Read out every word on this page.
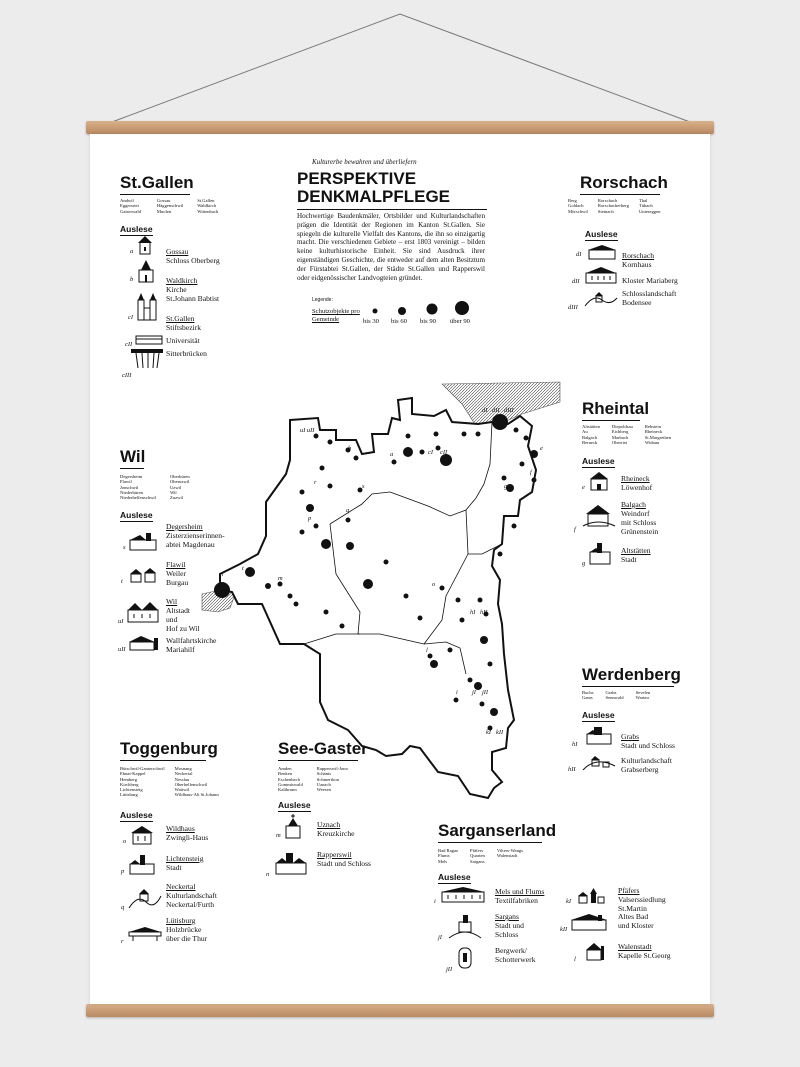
Kulturerbe bewahren und überliefern
PERSPEKTIVE DENKMALPFLEGE
Hochwertige Baudenkmäler, Ortsbilder und Kulturlandschaften prägen die Identität der Regionen im Kanton St.Gallen. Sie spiegeln die kulturelle Vielfalt des Kantons, die ihn so einzigartig macht. Die verschiedenen Gebiete – erst 1803 vereinigt – bilden keine kulturhistorische Einheit. Sie sind Ausdruck ihrer eigenständigen Geschichte, die entweder auf dem alten Besitztum der Fürstabtei St.Gallen, der Städte St.Gallen und Rapperswil oder eidgenössischer Landvogteien gründet.
Legende:
Schutzobjekte pro Gemeinde	bis 30 bis 60 bis 90 über 90
St.Gallen
Andwil
Eggersriet
Gaiserwald
Gossau
Häggenschwil
Muolen
St.Gallen
Waldkirch
Wittenbach
Auslese
a	Gossau
Schloss Oberberg
b	Waldkirch
Kirche
St.Johann Babtist
cI	St.Gallen
Stiftsbezirk
cII	Universität
cIII
Sitterbrücken
Rorschach
Berg
Goldach
Mörschwil
Rorschach
Rorschacherberg
Steinach
Thal
Tübach
Untereggen
Auslese
dI	Rorschach
Kornhaus
dII	Kloster Mariaberg
dIII
Schlosslandschaft
Bodensee
Wil
Degersheim
Flawil
Jonschwil
Niederbüren
Niederhelfenschwil
Oberbüren
Oberuzwil
Uzwil
Wil
Zuzwil
Auslese
s
Degersheim
Zisterzienserinnen-
abtei Magdenau
t
Flawil
Weiler
Burgau
uI
Wil
Altstadt
und
Hof zu Wil
uII
Wallfahrtskirche
Mariahilf
Rheintal
Altstätten
Au
Balgach
Berneck
Diepoldsau
Eichberg
Marbach
Oberriet
Rebstein
Rheineck
St.Margrethen
Widnau
Auslese
e
Rheineck
Löwenhof
f
Balgach
Weindorf
mit Schloss
Grünenstein
g
Altstätten
Stadt
Werdenberg
Buchs
Gams
Grabs
Sennwald
Sevelen
Wartau
Auslese
hI
Grabs
Stadt und Schloss
hII
Kulturlandschaft
Grabserberg
Toggenburg
Bütschwil-Ganterschwil
Ebnat-Kappel
Hemberg
Kirchberg
Lichtensteig
Lütisburg
Mosnang
Neckertal
Nesslau
Oberhelfenschwil
Wattwil
Wildhaus-Alt St.Johann
Auslese
o
Wildhaus
Zwingli-Haus
p
Lichtensteig
Stadt
q
Neckertal
Kulturlandschaft
Neckertal/Furth
r
Lütisburg
Holzbrücke
über die Thur
See-Gaster
Amden
Benken
Eschenbach
Gommiswald
Kaltbrunn
Rapperswil-Jona
Schänis
Schmerikon
Uznach
Weesen
Auslese
m
Uznach
Kreuzkirche
n
Rapperswil
Stadt und Schloss
Sarganserland
Bad Ragaz
Flums
Mels
Pfäfers
Quarten
Sargans
Vilters-Wangs
Walenstadt
Auslese
i
Mels und Flums
Textilfabriken
jI
Sargans
Stadt und
Schloss
jII
Bergwerk/
Schotterwerk
kI
Pfäfers
Valserssiedlung
St.Martin
kII
Altes Bad
und Kloster
l
Walenstadt
Kapelle St.Georg
uI uII
b
a	cI cII
dI dII dIII
r
s
p
q
n
t
m
o
g
e
f
hI hII
l
i jI jII
kI kII
